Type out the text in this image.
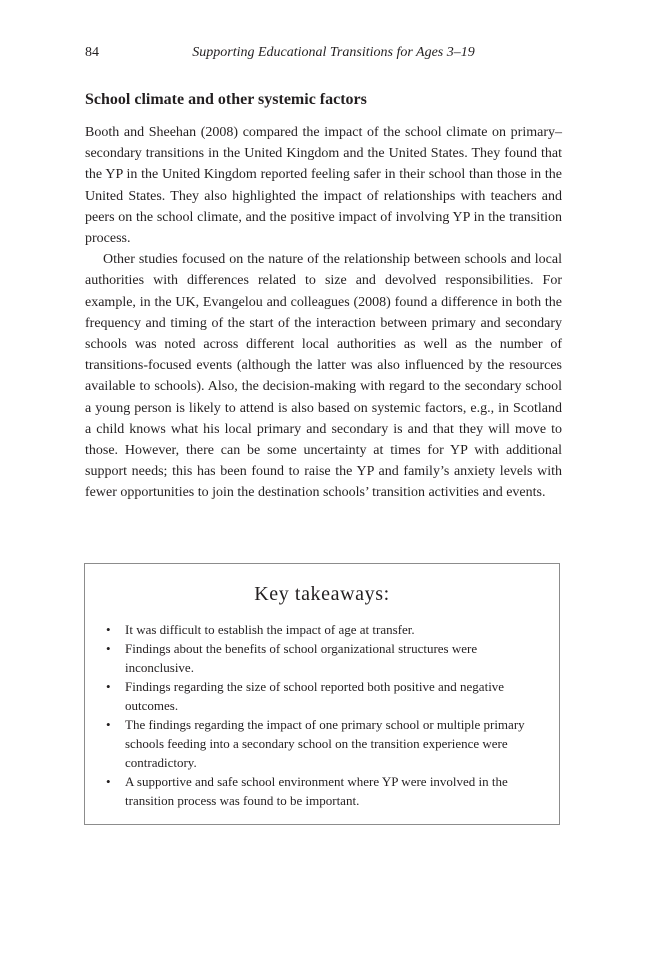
84	Supporting Educational Transitions for Ages 3–19
School climate and other systemic factors

Booth and Sheehan (2008) compared the impact of the school climate on primary–secondary transitions in the United Kingdom and the United States. They found that the YP in the United Kingdom reported feeling safer in their school than those in the United States. They also highlighted the impact of relationships with teachers and peers on the school climate, and the positive impact of involving YP in the transition process.

Other studies focused on the nature of the relationship between schools and local authorities with differences related to size and devolved responsibilities. For example, in the UK, Evangelou and colleagues (2008) found a difference in both the frequency and timing of the start of the interaction between primary and secondary schools was noted across different local authorities as well as the number of transitions-focused events (although the latter was also influenced by the resources available to schools). Also, the decision-making with regard to the secondary school a young person is likely to attend is also based on systemic factors, e.g., in Scotland a child knows what his local primary and secondary is and that they will move to those. However, there can be some uncertainty at times for YP with additional support needs; this has been found to raise the YP and family’s anxiety levels with fewer opportunities to join the destination schools’ transition activities and events.

Key takeaways:
• It was difficult to establish the impact of age at transfer.
• Findings about the benefits of school organizational structures were inconclusive.
• Findings regarding the size of school reported both positive and negative outcomes.
• The findings regarding the impact of one primary school or multiple primary schools feeding into a secondary school on the transition experience were contradictory.
• A supportive and safe school environment where YP were involved in the transition process was found to be important.
